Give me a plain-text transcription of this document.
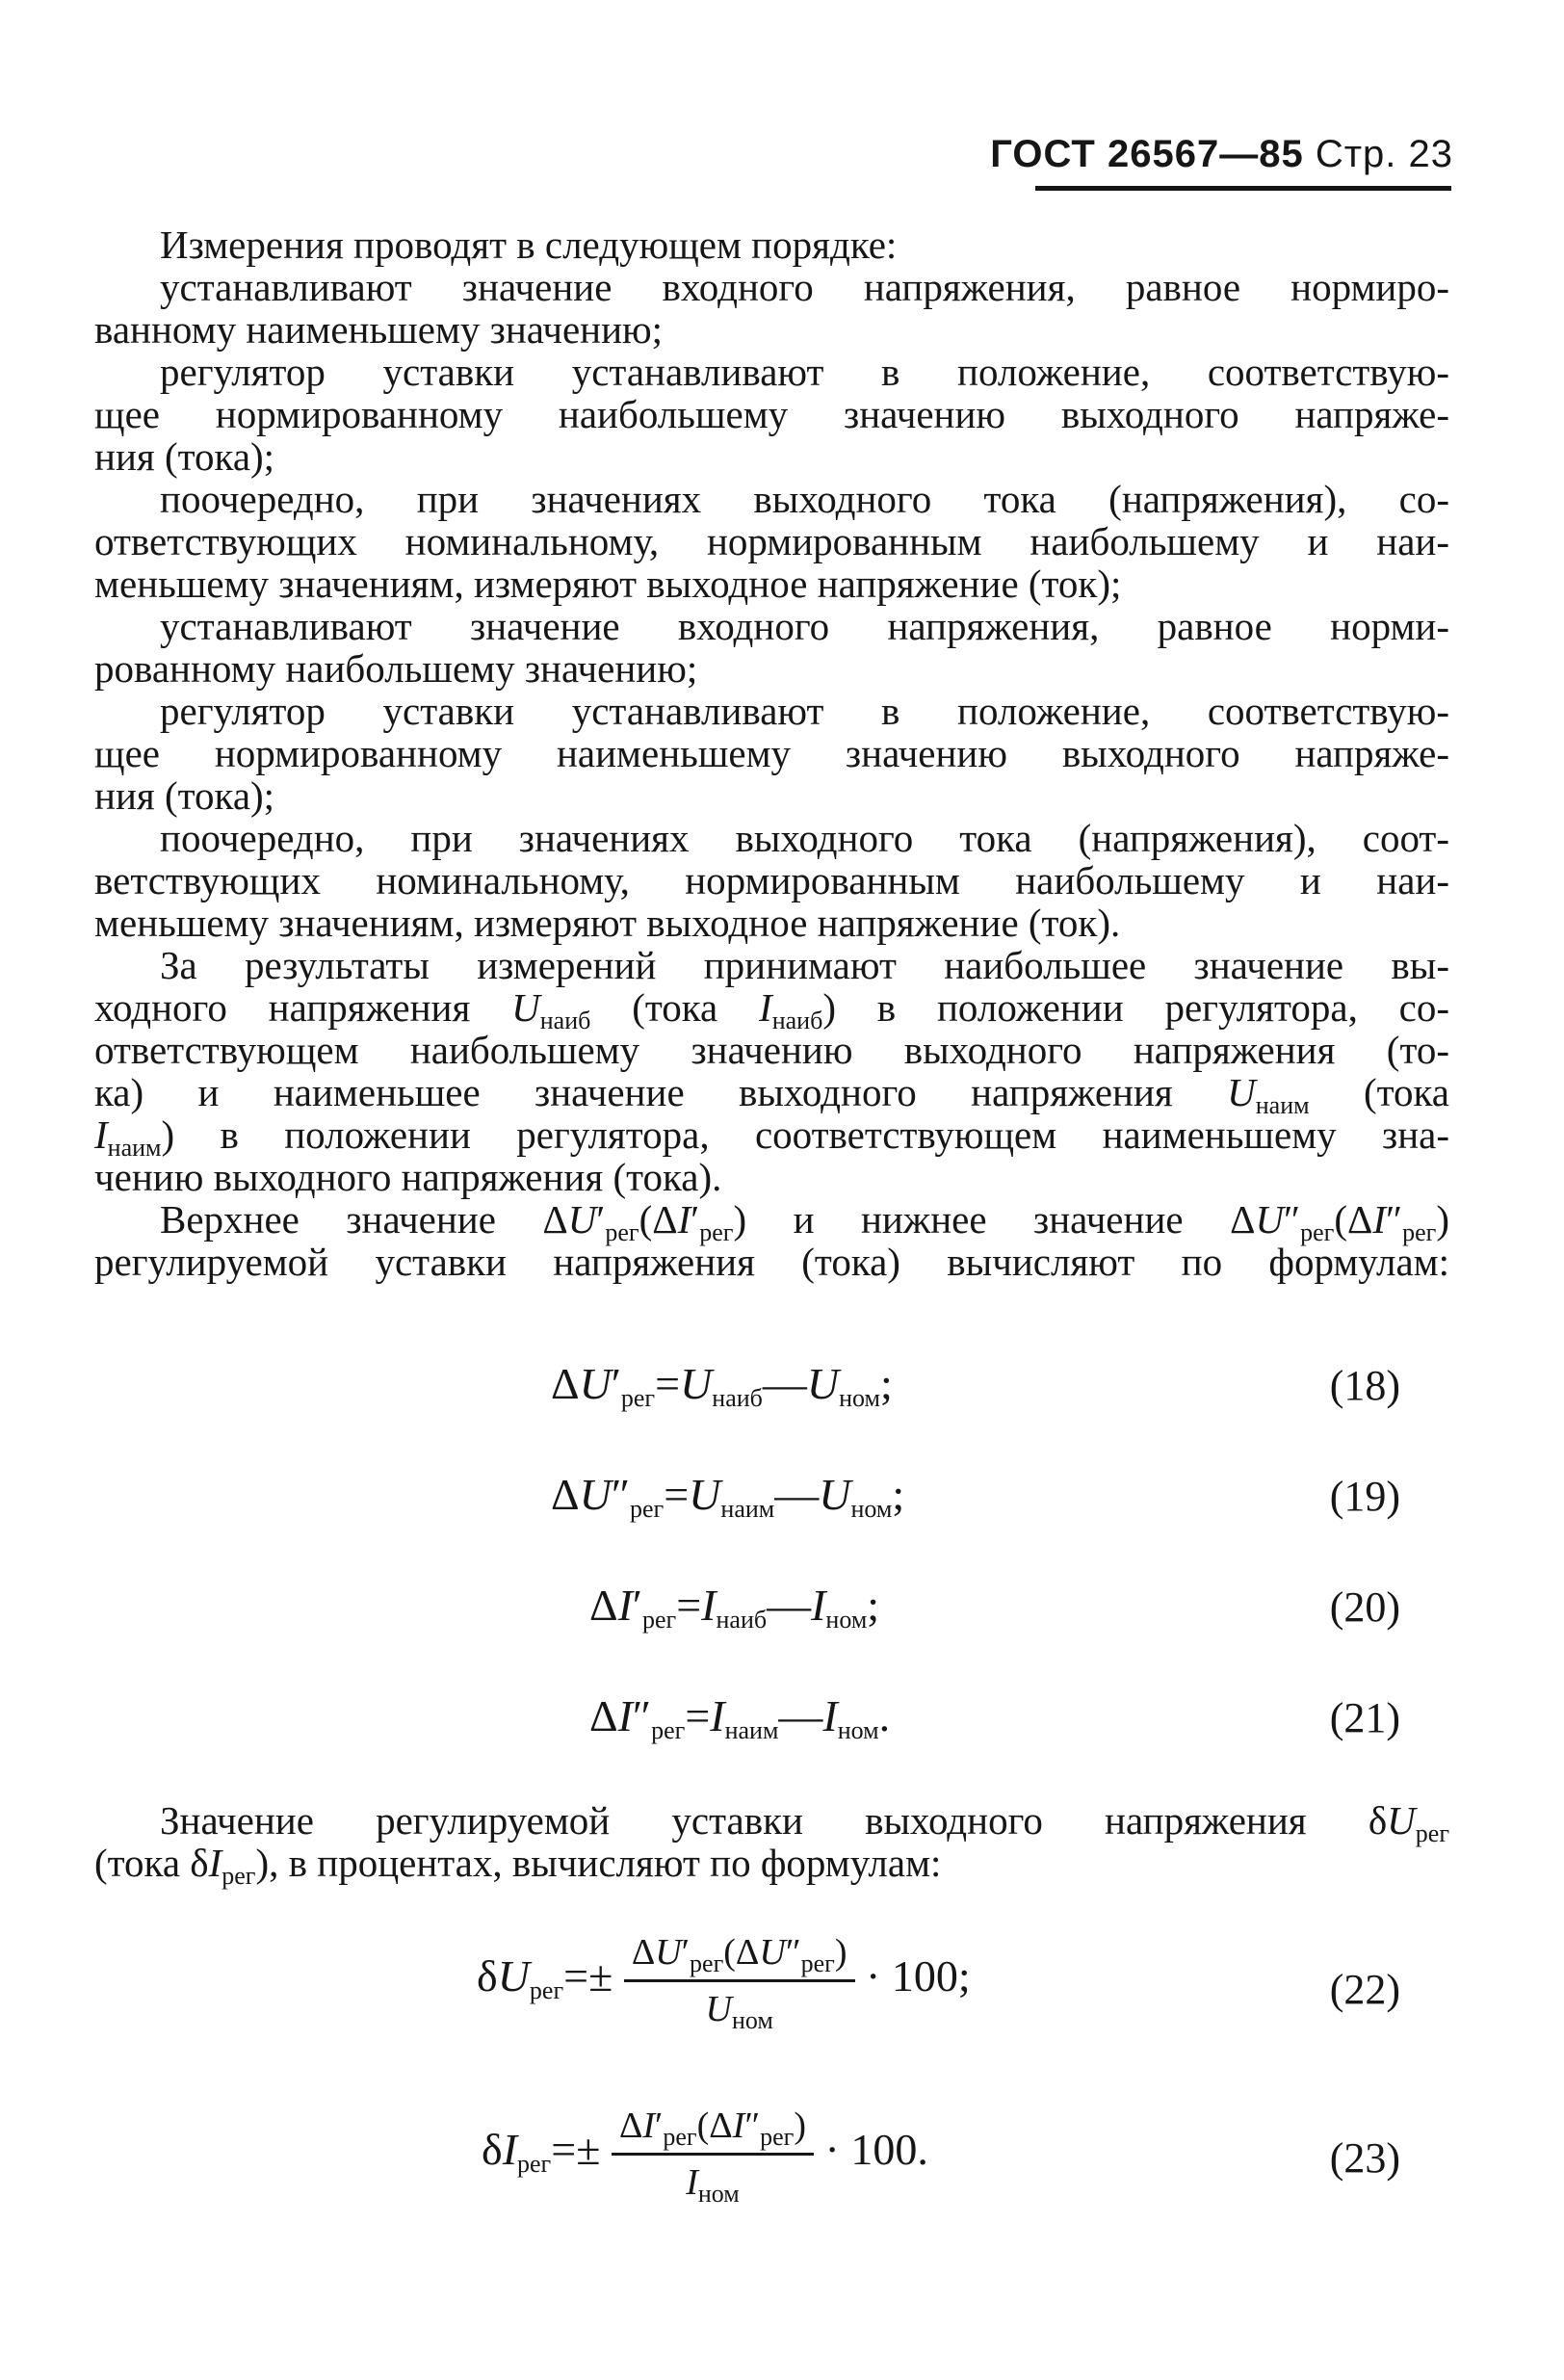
ГОСТ 26567—85 Стр. 23
Измерения проводят в следующем порядке:
устанавливают значение входного напряжения, равное нормиро-
ванному наименьшему значению;
регулятор уставки устанавливают в положение, соответствую-
щее нормированному наибольшему значению выходного напряже-
ния (тока);
поочередно, при значениях выходного тока (напряжения), со-
ответствующих номинальному, нормированным наибольшему и наи-
меньшему значениям, измеряют выходное напряжение (ток);
устанавливают значение входного напряжения, равное норми-
рованному наибольшему значению;
регулятор уставки устанавливают в положение, соответствую-
щее нормированному наименьшему значению выходного напряже-
ния (тока);
поочередно, при значениях выходного тока (напряжения), соот-
ветствующих номинальному, нормированным наибольшему и наи-
меньшему значениям, измеряют выходное напряжение (ток).
За результаты измерений принимают наибольшее значение вы-
ходного напряжения $U_{наиб}$ (тока $I_{наиб}$) в положении регулятора, со-
ответствующем наибольшему значению выходного напряжения (то-
ка) и наименьшее значение выходного напряжения $U_{наим}$ (тока
$I_{наим}$) в положении регулятора, соответствующем наименьшему зна-
чению выходного напряжения (тока).
Верхнее значение $\Delta U'_{рег}(\Delta I'_{рег})$ и нижнее значение $\Delta U''_{рег}(\Delta I''_{рег})$
регулируемой уставки напряжения (тока) вычисляют по формулам:
$\Delta U'_{рег}=U_{наиб}—U_{ном}$;	(18)
$\Delta U''_{рег}=U_{наим}—U_{ном}$;	(19)
$\Delta I'_{рег}=I_{наиб}—I_{ном}$;	(20)
$\Delta I''_{рег}=I_{наим}—I_{ном}$.	(21)
Значение регулируемой уставки выходного напряжения $\delta U_{рег}$
(тока $\delta I_{рег}$), в процентах, вычисляют по формулам:
$\delta U_{рег}=\pm \frac{\Delta U'_{рег}(\Delta U''_{рег})}{U_{ном}} \cdot 100$;	(22)
$\delta I_{рег}=\pm \frac{\Delta I'_{рег}(\Delta I''_{рег})}{I_{ном}} \cdot 100$.	(23)
